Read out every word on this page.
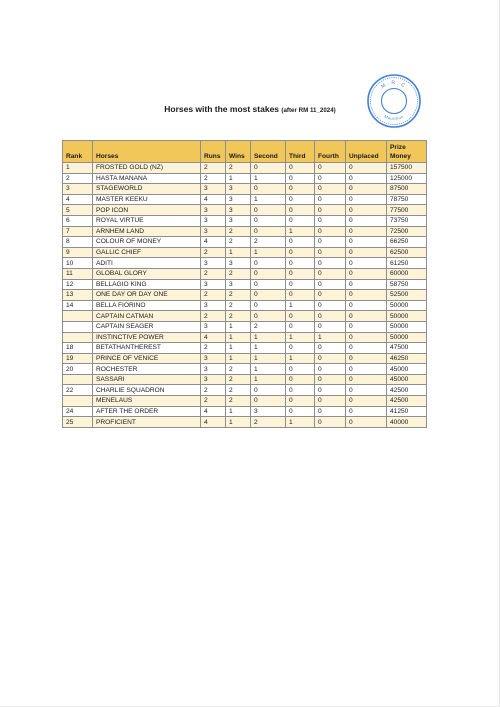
Horses with the most stakes (after RM 11_2024)
M.R.C
Mauritius
Rank	Horses	Runs	Wins	Second	Third	Fourth	Unplaced	Prize
Money
1	FROSTED GOLD (NZ)	2	2	0	0	0	0	157500
2	HASTA MANANA	2	1	1	0	0	0	125000
3	STAGEWORLD	3	3	0	0	0	0	87500
4	MASTER KEEKU	4	3	1	0	0	0	78750
5	POP ICON	3	3	0	0	0	0	77500
6	ROYAL VIRTUE	3	3	0	0	0	0	73750
7	ARNHEM LAND	3	2	0	1	0	0	72500
8	COLOUR OF MONEY	4	2	2	0	0	0	66250
9	GALLIC CHIEF	2	1	1	0	0	0	62500
10	ADITI	3	3	0	0	0	0	61250
11	GLOBAL GLORY	2	2	0	0	0	0	60000
12	BELLAGIO KING	3	3	0	0	0	0	58750
13	ONE DAY OR DAY ONE	2	2	0	0	0	0	52500
14	BELLA FIORINO	3	2	0	1	0	0	50000
	CAPTAIN CATMAN	2	2	0	0	0	0	50000
	CAPTAIN SEAGER	3	1	2	0	0	0	50000
	INSTINCTIVE POWER	4	1	1	1	1	0	50000
18	BETATHANTHEREST	2	1	1	0	0	0	47500
19	PRINCE OF VENICE	3	1	1	1	0	0	46250
20	ROCHESTER	3	2	1	0	0	0	45000
	SASSARI	3	2	1	0	0	0	45000
22	CHARLIE SQUADRON	2	2	0	0	0	0	42500
	MENELAUS	2	2	0	0	0	0	42500
24	AFTER THE ORDER	4	1	3	0	0	0	41250
25	PROFICIENT	4	1	2	1	0	0	40000
